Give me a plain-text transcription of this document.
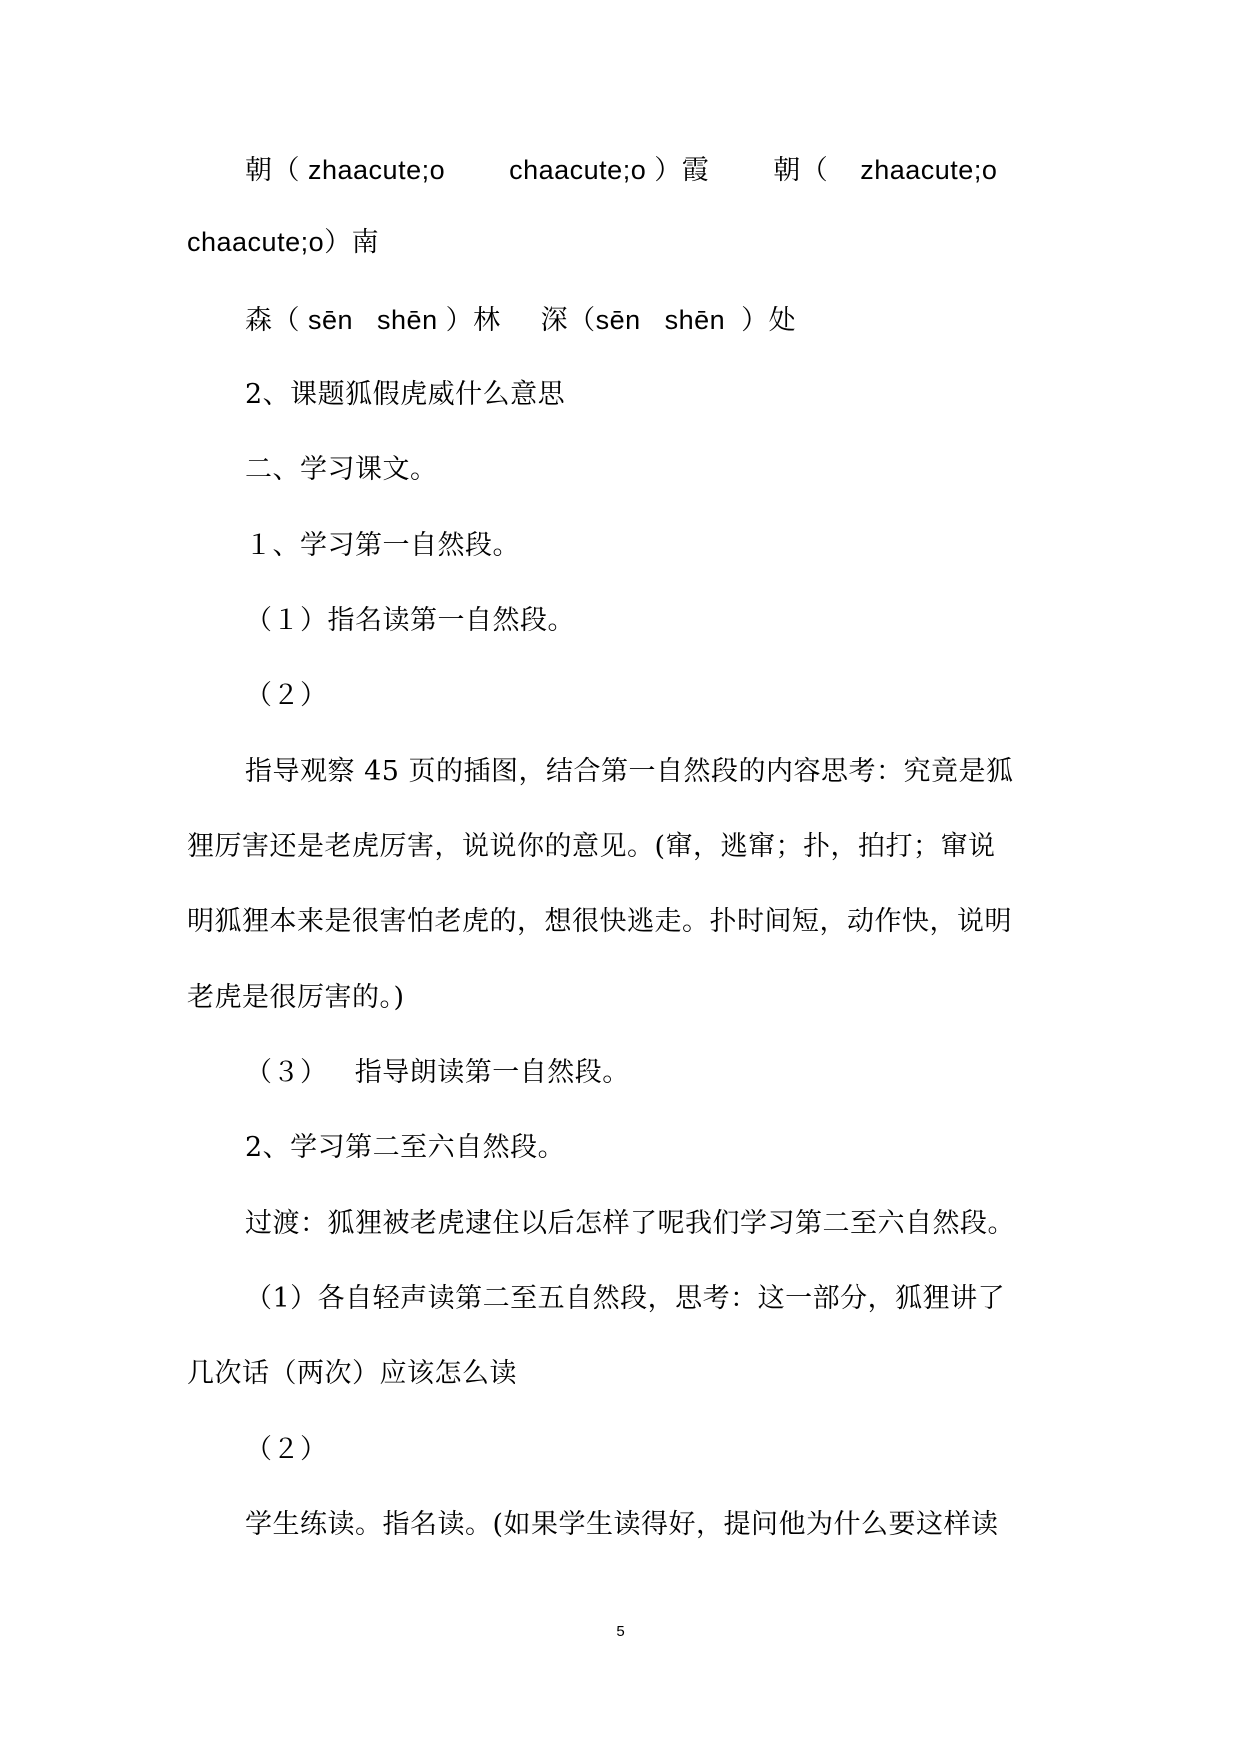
朝（ zhaacute;o        chaacute;o ）霞        朝（    zhaacute;o
chaacute;o）南
森（ sēn   shēn ）林     深（sēn   shēn  ）处
2、课题狐假虎威什么意思
二、学习课文。
１、学习第一自然段。
（１）指名读第一自然段。
（２）
指导观察 45 页的插图，结合第一自然段的内容思考：究竟是狐
狸厉害还是老虎厉害，说说你的意见。(窜，逃窜；扑，拍打；窜说
明狐狸本来是很害怕老虎的，想很快逃走。扑时间短，动作快，说明
老虎是很厉害的。)
（３）   指导朗读第一自然段。
2、学习第二至六自然段。
过渡：狐狸被老虎逮住以后怎样了呢我们学习第二至六自然段。
（1）各自轻声读第二至五自然段，思考：这一部分，狐狸讲了
几次话（两次）应该怎么读
（２）
学生练读。指名读。(如果学生读得好，提问他为什么要这样读
5
